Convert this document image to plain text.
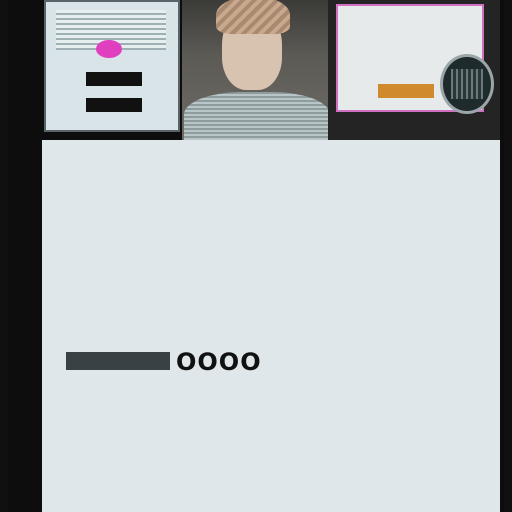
OOOO
